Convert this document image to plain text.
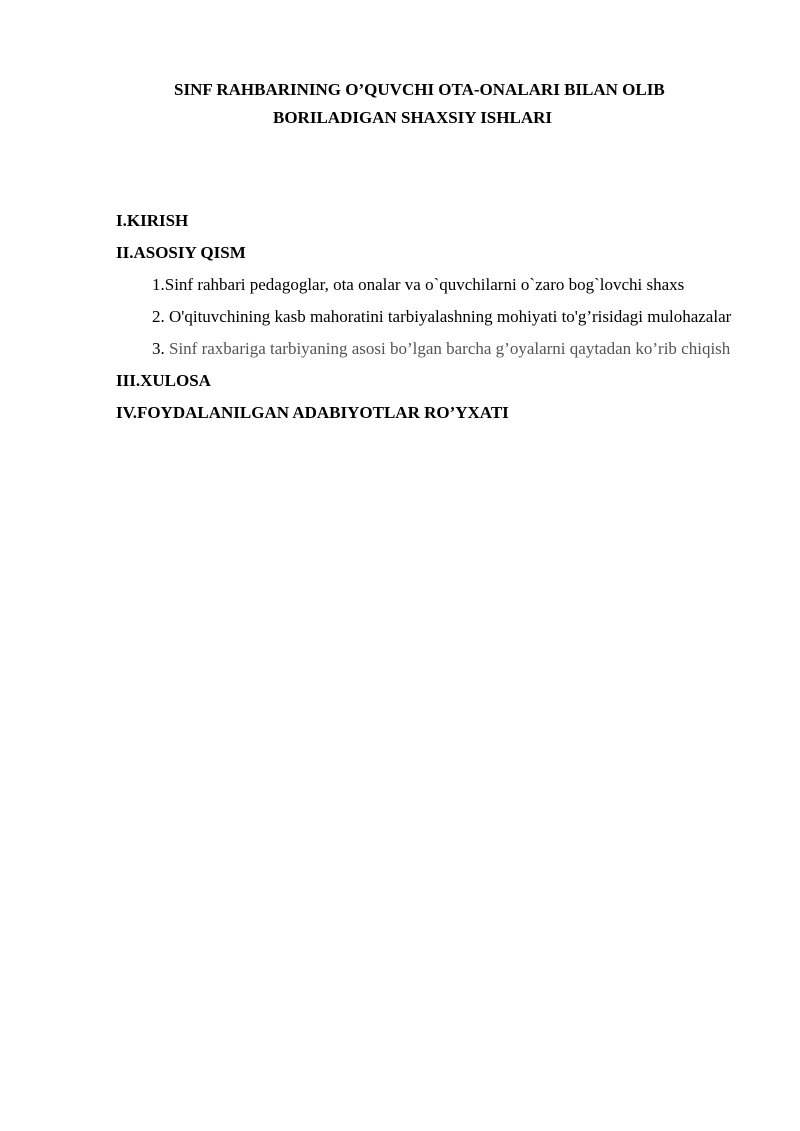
SINF RAHBARINING O’QUVCHI OTA-ONALARI BILAN OLIB
BORILADIGAN SHAXSIY ISHLARI
I.KIRISH
II.ASOSIY QISM
1.Sinf rahbari pedagoglar, ota onalar va o`quvchilarni o`zaro bog`lovchi shaxs
2. O'qituvchining kasb mahoratini tarbiyalashning mohiyati to'g’risidagi mulohazalar
3. Sinf raxbariga tarbiyaning asosi bo’lgan barcha g’oyalarni qaytadan ko’rib chiqish
III.XULOSA
IV.FOYDALANILGAN ADABIYOTLAR RO’YXATI
